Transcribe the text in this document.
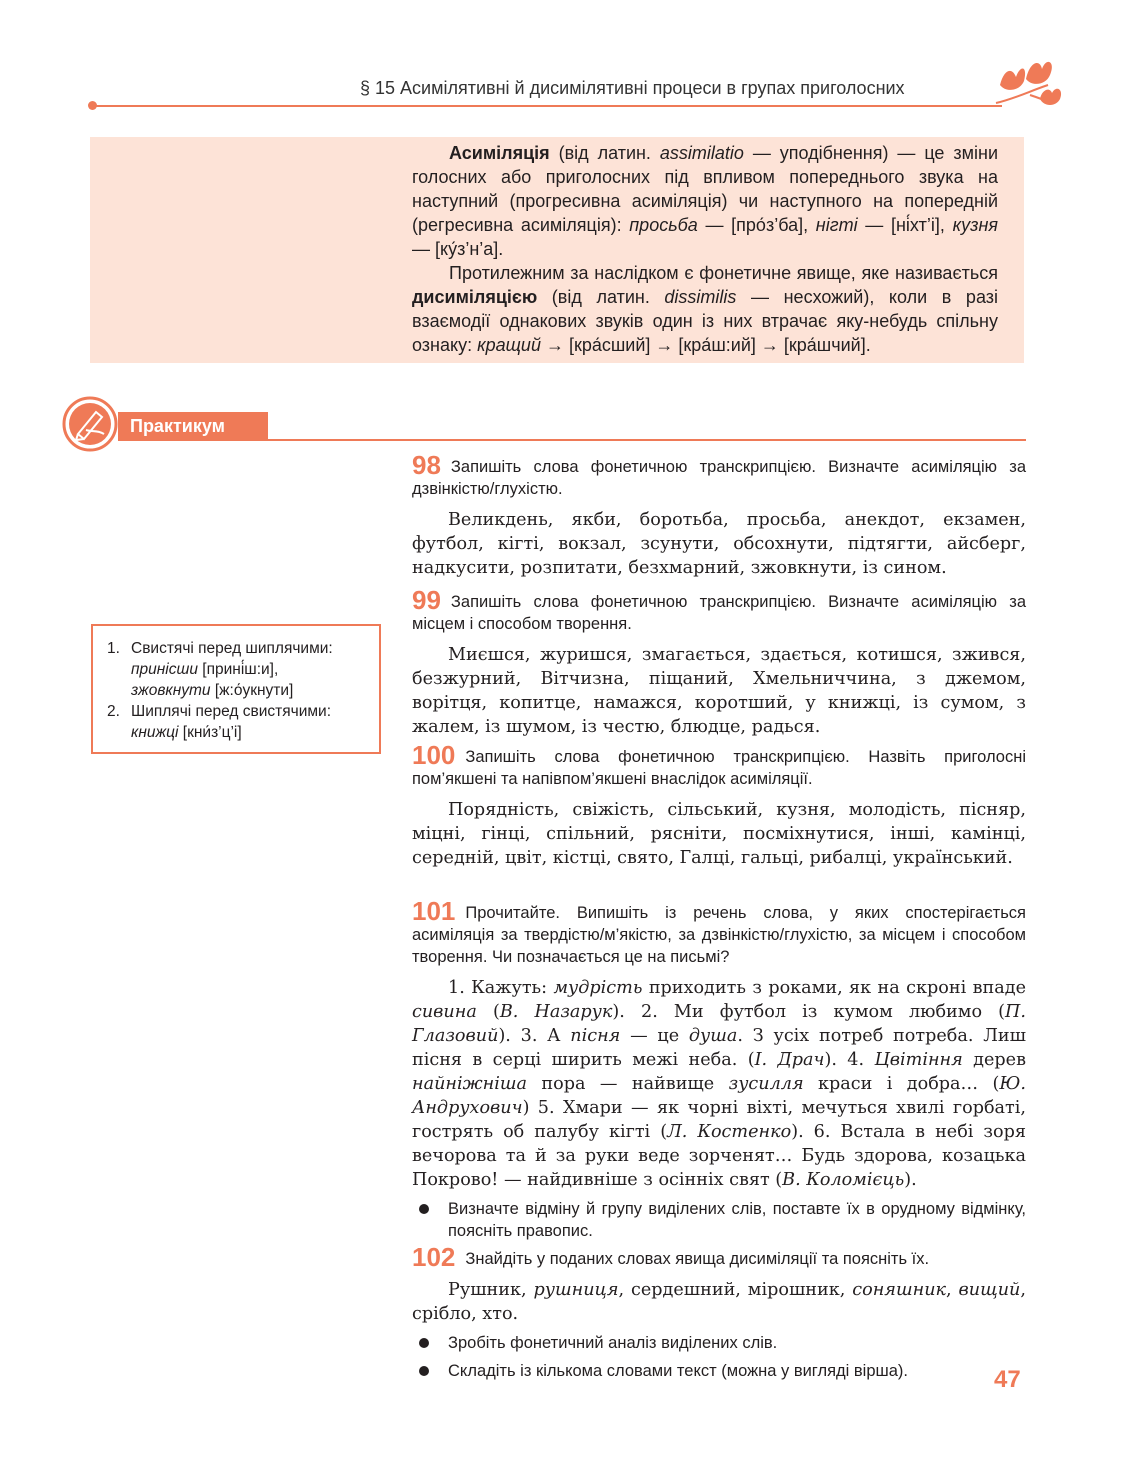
§ 15 Асимілятивні й дисимілятивні процеси в групах приголосних

Асиміляція (від латин. assimilatio — уподібнення) — це зміни голосних або приголосних під впливом попереднього звука на наступний (прогресивна асиміляція) чи наступного на попередній (регресивна асиміляція): просьба — [про́з’ба], нігті — [ні́хт’і], кузня — [ку́з’н’а].

Протилежним за наслідком є фонетичне явище, яке називається дисиміляцією (від латин. dissimilis — несхожий), коли в разі взаємодії однакових звуків один із них втрачає яку-небудь спільну ознаку: кращий → [кра́сший] → [кра́ш:ий] → [кра́шчий].

Практикум
1. Свистячі перед шиплячими:
принісши [прині́ш:и],
зжовкнути [ж:о́укнути]
2. Шиплячі перед свистячими:
книжці [кни́з’ц’і]
98 Запишіть слова фонетичною транскрипцією. Визначте асиміляцію за дзвінкістю/глухістю.

Великдень, якби, боротьба, просьба, анекдот, екзамен, футбол, кігті, вокзал, зсунути, обсохнути, підтягти, айсберг, надкусити, розпитати, безхмарний, зжовкнути, із сином.

99 Запишіть слова фонетичною транскрипцією. Визначте асиміляцію за місцем і способом творення.

Миєшся, журишся, змагається, здається, котишся, зжився, безжурний, Вітчизна, піщаний, Хмельниччина, з джемом, ворітця, копитце, намажся, коротший, у книжці, із сумом, з жалем, із шумом, із честю, блюдце, радься.

100 Запишіть слова фонетичною транскрипцією. Назвіть приголосні пом’якшені та напівпом’якшені внаслідок асиміляції.

Порядність, свіжість, сільський, кузня, молодість, пісняр, міцні, гінці, спільний, рясніти, посміхнутися, інші, камінці, середній, цвіт, кістці, свято, Галці, гальці, рибалці, український.

101 Прочитайте. Випишіть із речень слова, у яких спостерігається асиміляція за твердістю/м’якістю, за дзвінкістю/глухістю, за місцем і способом творення. Чи позначається це на письмі?

1. Кажуть: мудрість приходить з роками, як на скроні впаде сивина (В. Назарук). 2. Ми футбол із кумом любимо (П. Глазовий). 3. А пісня — це душа. З усіх потреб потреба. Лиш пісня в серці ширить межі неба. (І. Драч). 4. Цвітіння дерев найніжніша пора — найвище зусилля краси і добра… (Ю. Андрухович) 5. Хмари — як чорні віхті, мечуться хвилі горбаті, гострять об палубу кігті (Л. Костенко). 6. Встала в небі зоря вечорова та й за руки веде зорченят… Будь здорова, козацька Покрово! — найдивніше з осінніх свят (В. Коломієць).

Визначте відміну й групу виділених слів, поставте їх в орудному відмінку, поясніть правопис.
102 Знайдіть у поданих словах явища дисиміляції та поясніть їх.

Рушник, рушниця, сердешний, мірошник, соняшник, вищий, срібло, хто.

Зробіть фонетичний аналіз виділених слів.
Складіть із кількома словами текст (можна у вигляді вірша).	47
